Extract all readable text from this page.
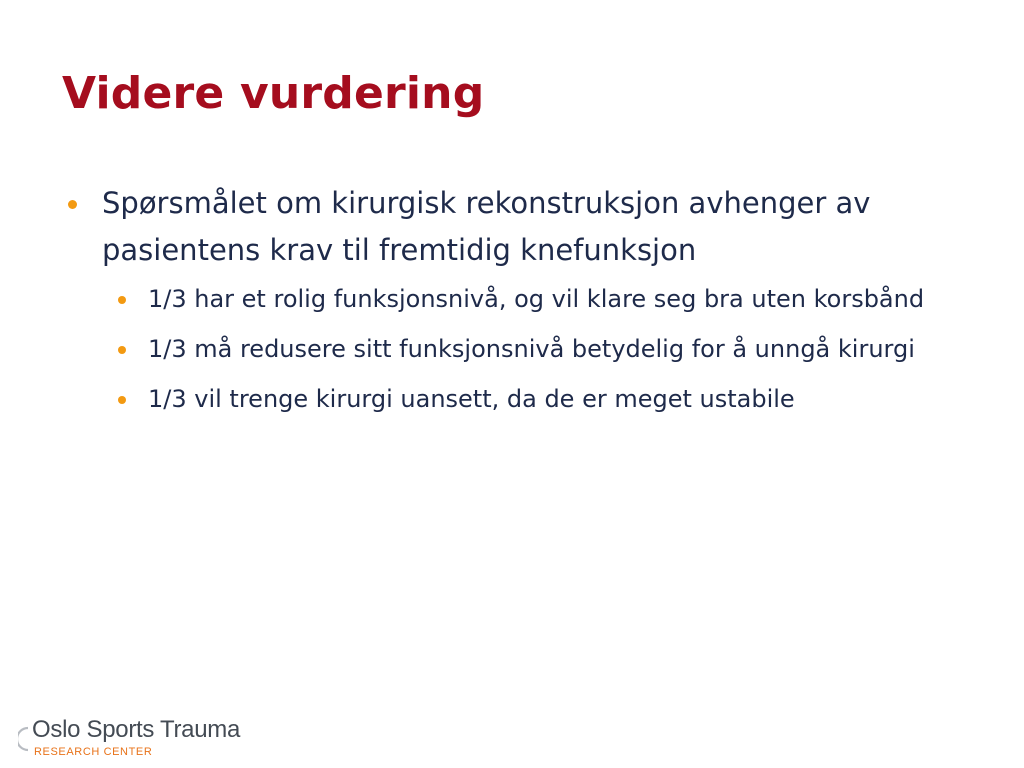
Videre vurdering
Spørsmålet om kirurgisk rekonstruksjon avhenger av pasientens krav til fremtidig knefunksjon
1/3 har et rolig funksjonsnivå, og vil klare seg bra uten korsbånd
1/3 må redusere sitt funksjonsnivå betydelig for å unngå kirurgi
1/3 vil trenge kirurgi uansett, da de er meget ustabile
Oslo Sports Trauma
RESEARCH CENTER
